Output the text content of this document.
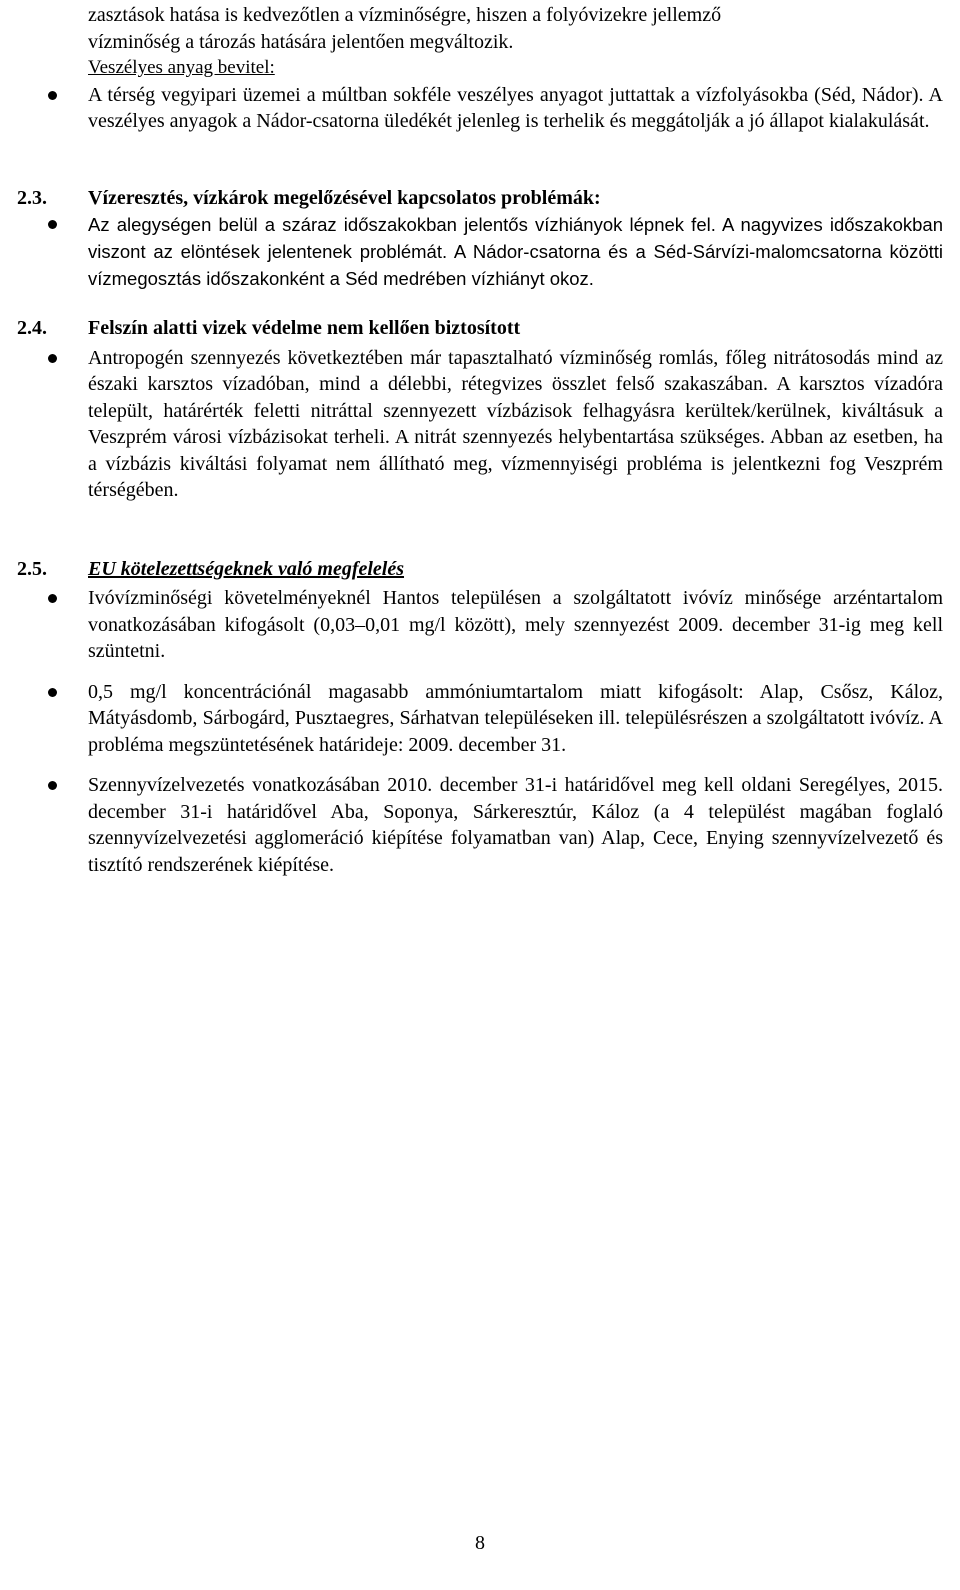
zasztások hatása is kedvezőtlen a vízminőségre, hiszen a folyóvizekre jellemző

vízminőség a tározás hatására jelentően megváltozik.

Veszélyes anyag bevitel:

A térség vegyipari üzemei a múltban sokféle veszélyes anyagot juttattak a vízfolyásokba (Séd, Nádor). A veszélyes anyagok a Nádor-csatorna üledékét jelenleg is terhelik és meggátolják a jó állapot kialakulását.

2.3. Vízeresztés, vízkárok megelőzésével kapcsolatos problémák:

Az alegységen belül a száraz időszakokban jelentős vízhiányok lépnek fel. A nagyvizes időszakokban viszont az elöntések jelentenek problémát. A Nádor-csatorna és a Séd-Sárvízi-malomcsatorna közötti vízmegosztás időszakonként a Séd medrében vízhiányt okoz.

2.4. Felszín alatti vizek védelme nem kellően biztosított

Antropogén szennyezés következtében már tapasztalható vízminőség romlás, főleg nitrátosodás mind az északi karsztos vízadóban, mind a délebbi, rétegvizes összlet felső szakaszában. A karsztos vízadóra települt, határérték feletti nitráttal szennyezett vízbázisok felhagyásra kerültek/kerülnek, kiváltásuk a Veszprém városi vízbázisokat terheli. A nitrát szennyezés helybentartása szükséges. Abban az esetben, ha a vízbázis kiváltási folyamat nem állítható meg, vízmennyiségi probléma is jelentkezni fog Veszprém térségében.

2.5. EU kötelezettségeknek való megfelelés

Ivóvízminőségi követelményeknél Hantos településen a szolgáltatott ivóvíz minősége arzéntartalom vonatkozásában kifogásolt (0,03–0,01 mg/l között), mely szennyezést 2009. december 31-ig meg kell szüntetni.
0,5 mg/l koncentrációnál magasabb ammóniumtartalom miatt kifogásolt: Alap, Csősz, Káloz, Mátyásdomb, Sárbogárd, Pusztaegres, Sárhatvan településeken ill. településrészen a szolgáltatott ivóvíz. A probléma megszüntetésének határideje: 2009. december 31.
Szennyvízelvezetés vonatkozásában 2010. december 31-i határidővel meg kell oldani Seregélyes, 2015. december 31-i határidővel Aba, Soponya, Sárkeresztúr, Káloz (a 4 települést magában foglaló szennyvízelvezetési agglomeráció kiépítése folyamatban van) Alap, Cece, Enying szennyvízelvezető és tisztító rendszerének kiépítése.
8
